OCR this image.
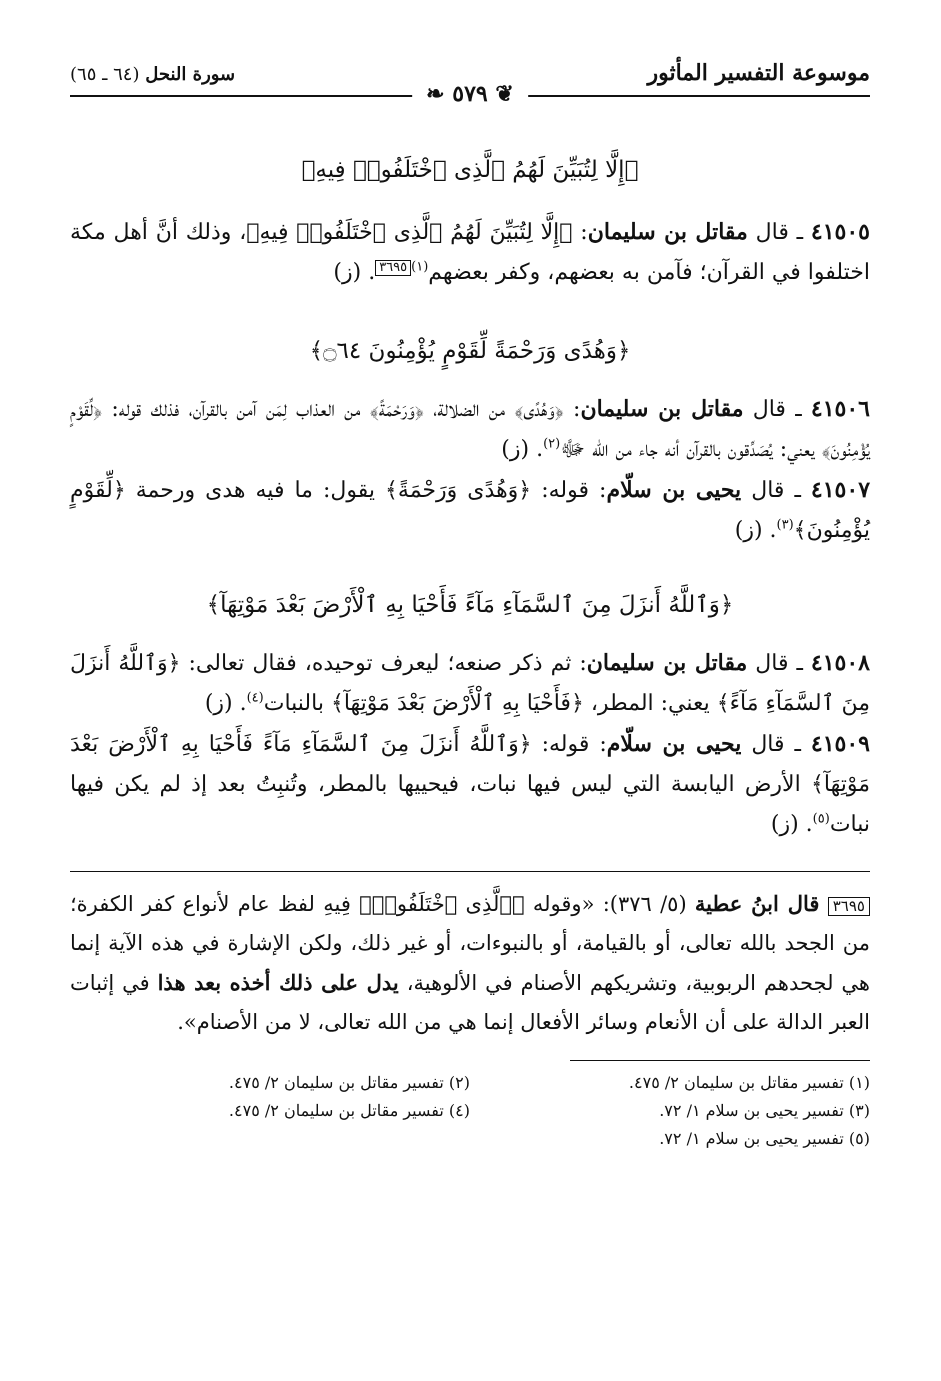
موسوعة التفسير المأثور
❦ ٥٧٩ ❧
سورة النحل (٦٤ ـ ٦٥)

﴿إِلَّا لِتُبَيِّنَ لَهُمُ ٱلَّذِى ٱخْتَلَفُوا۟ فِيهِ﴾

٤١٥٠٥ ـ قال مقاتل بن سليمان: ﴿إِلَّا لِتُبَيِّنَ لَهُمُ ٱلَّذِى ٱخْتَلَفُوا۟ فِيهِ﴾، وذلك أنَّ أهل مكة اختلفوا في القرآن؛ فآمن به بعضهم، وكفر بعضهم$^{(١)}$٣٦٩٥. (ز)

﴿وَهُدًى وَرَحْمَةً لِّقَوْمٍ يُؤْمِنُونَ ۝٦٤﴾

٤١٥٠٦ ـ قال مقاتل بن سليمان: ﴿وَهُدًى﴾ من الضلالة، ﴿وَرَحْمَةً﴾ من العذاب لِمَن آمن بالقرآن، فذلك قوله: ﴿لِّقَوْمٍ يُؤْمِنُونَ﴾ يعني: يُصَدِّقون بالقرآن أنه جاء من الله ﷻ$^{(٢)}$. (ز)

٤١٥٠٧ ـ قال يحيى بن سلّام: قوله: ﴿وَهُدًى وَرَحْمَةً﴾ يقول: ما فيه هدى ورحمة ﴿لِّقَوْمٍ يُؤْمِنُونَ﴾$^{(٣)}$. (ز)

﴿وَٱللَّهُ أَنزَلَ مِنَ ٱلسَّمَآءِ مَآءً فَأَحْيَا بِهِ ٱلْأَرْضَ بَعْدَ مَوْتِهَآ﴾

٤١٥٠٨ ـ قال مقاتل بن سليمان: ثم ذكر صنعه؛ ليعرف توحيده، فقال تعالى: ﴿وَٱللَّهُ أَنزَلَ مِنَ ٱلسَّمَآءِ مَآءً﴾ يعني: المطر، ﴿فَأَحْيَا بِهِ ٱلْأَرْضَ بَعْدَ مَوْتِهَآ﴾ بالنبات$^{(٤)}$. (ز)

٤١٥٠٩ ـ قال يحيى بن سلّام: قوله: ﴿وَٱللَّهُ أَنزَلَ مِنَ ٱلسَّمَآءِ مَآءً فَأَحْيَا بِهِ ٱلْأَرْضَ بَعْدَ مَوْتِهَآ﴾ الأرض اليابسة التي ليس فيها نبات، فيحييها بالمطر، وتُنبِتُ بعد إذ لم يكن فيها نبات$^{(٥)}$. (ز)

٣٦٩٥ قال ابنُ عطية (٥/ ٣٧٦): «وقوله ﴿ٱلَّذِى ٱخْتَلَفُوا۟﴾ فِيهِ لفظ عام لأنواع كفر الكفرة؛ من الجحد بالله تعالى، أو بالقيامة، أو بالنبوءات، أو غير ذلك، ولكن الإشارة في هذه الآية إنما هي لجحدهم الربوبية، وتشريكهم الأصنام في الألوهية، يدل على ذلك أخذه بعد هذا في إثبات العبر الدالة على أن الأنعام وسائر الأفعال إنما هي من الله تعالى، لا من الأصنام».

(١) تفسير مقاتل بن سليمان ٢/ ٤٧٥.
(٢) تفسير مقاتل بن سليمان ٢/ ٤٧٥.
(٣) تفسير يحيى بن سلام ١/ ٧٢.
(٤) تفسير مقاتل بن سليمان ٢/ ٤٧٥.
(٥) تفسير يحيى بن سلام ١/ ٧٢.
